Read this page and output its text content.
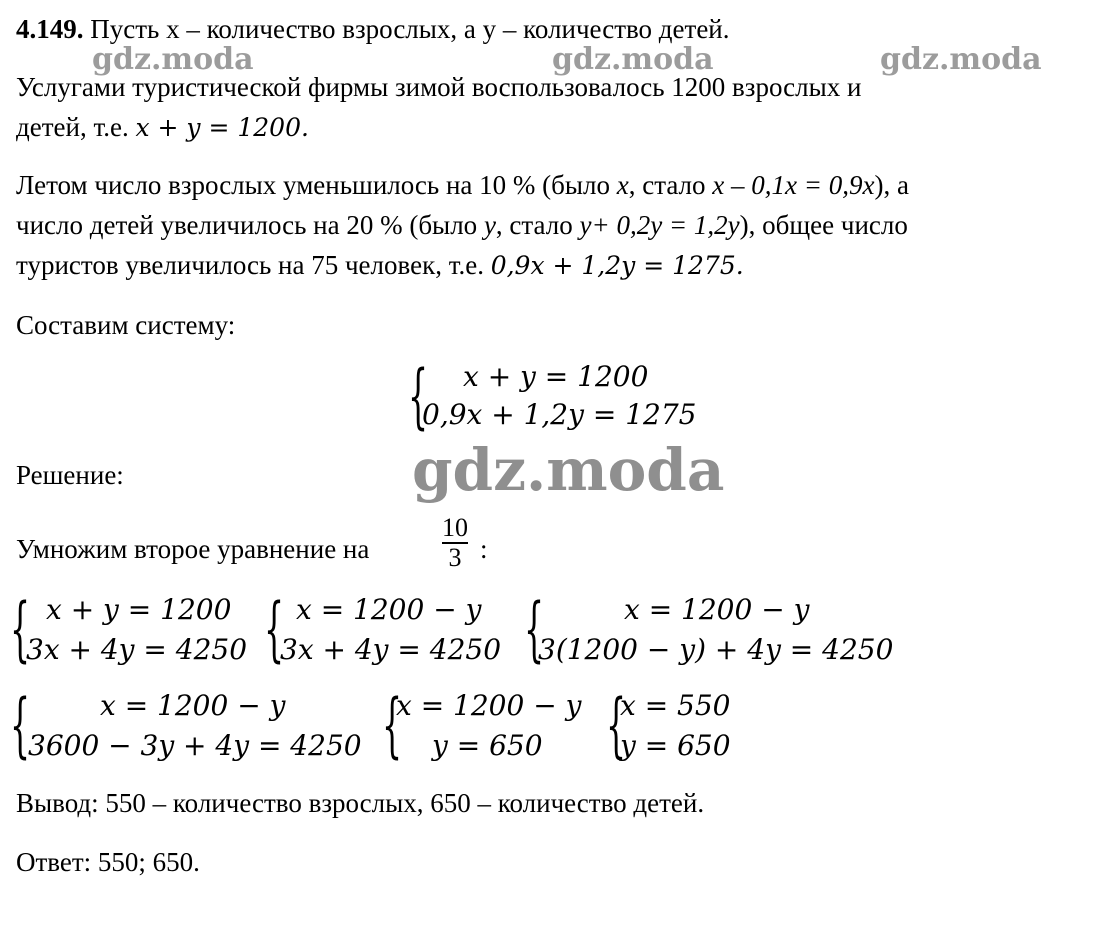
gdz.moda	gdz.moda	gdz.moda
gdz.moda
4.149. Пусть x – количество взрослых, а y – количество детей.
Услугами туристической фирмы зимой воспользовалось 1200 взрослых и
детей, т.е. x + y = 1200.
Летом число взрослых уменьшилось на 10 % (было x, стало x – 0,1x = 0,9x), а
число детей увеличилось на 20 % (было y, стало y+ 0,2y = 1,2y), общее число
туристов увеличилось на 75 человек, т.е. 0,9x + 1,2y = 1275.
Составим систему:
{ x + y = 1200
0,9x + 1,2y = 1275
Решение:
Умножим второе уравнение на
10
3 :
{ x + y = 1200
3x + 4y = 4250 { x = 1200 − y
3x + 4y = 4250 {	x = 1200 − y
3(1200 − y) + 4y = 4250
{ x = 1200 − y
3600 − 3y + 4y = 4250 {
x = 1200 − y
y = 650 {
x = 550
y = 650
Вывод: 550 – количество взрослых, 650 – количество детей.
Ответ: 550; 650.
